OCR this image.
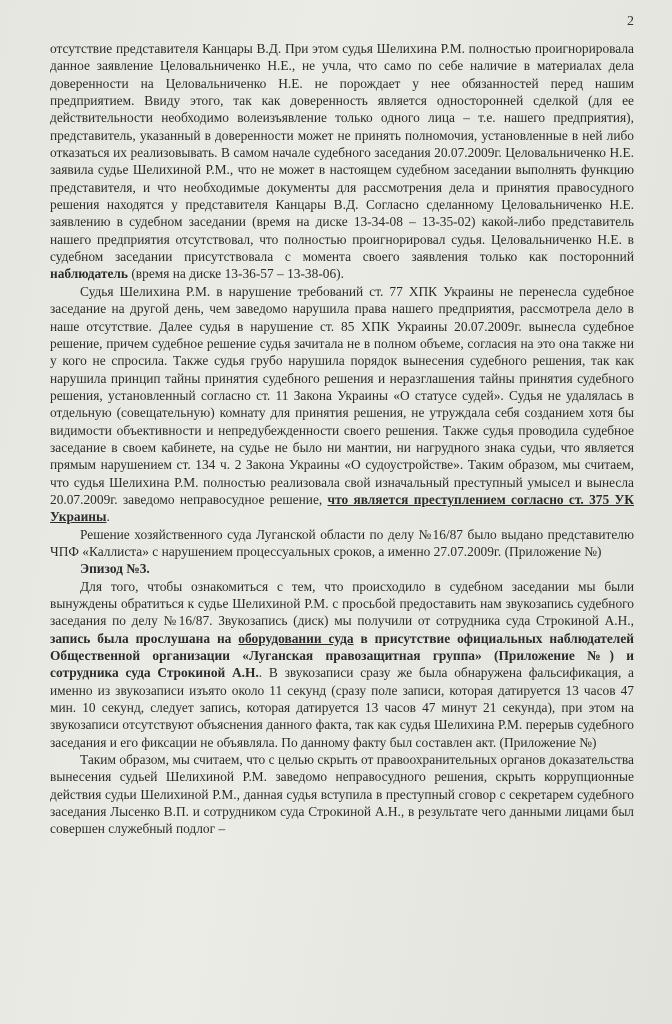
2

отсутствие представителя Канцары В.Д. При этом судья Шелихина Р.М. полностью проигнорировала данное заявление Целовальниченко Н.Е., не учла, что само по себе наличие в материалах дела доверенности на Целовальниченко Н.Е. не порождает у нее обязанностей перед нашим предприятием. Ввиду этого, так как доверенность является односторонней сделкой (для ее действительности необходимо волеизъявление только одного лица – т.е. нашего предприятия), представитель, указанный в доверенности может не принять полномочия, установленные в ней либо отказаться их реализовывать. В самом начале судебного заседания 20.07.2009г. Целовальниченко Н.Е. заявила судье Шелихиной Р.М., что не может в настоящем судебном заседании выполнять функцию представителя, и что необходимые документы для рассмотрения дела и принятия правосудного решения находятся у представителя Канцары В.Д. Согласно сделанному Целовальниченко Н.Е. заявлению в судебном заседании (время на диске 13-34-08 – 13-35-02) какой-либо представитель нашего предприятия отсутствовал, что полностью проигнорировал судья. Целовальниченко Н.Е. в судебном заседании присутствовала с момента своего заявления только как посторонний наблюдатель (время на диске 13-36-57 – 13-38-06).

Судья Шелихина Р.М. в нарушение требований ст. 77 ХПК Украины не перенесла судебное заседание на другой день, чем заведомо нарушила права нашего предприятия, рассмотрела дело в наше отсутствие. Далее судья в нарушение ст. 85 ХПК Украины 20.07.2009г. вынесла судебное решение, причем судебное решение судья зачитала не в полном объеме, согласия на это она также ни у кого не спросила. Также судья грубо нарушила порядок вынесения судебного решения, так как нарушила принцип тайны принятия судебного решения и неразглашения тайны принятия судебного решения, установленный согласно ст. 11 Закона Украины «О статусе судей». Судья не удалялась в отдельную (совещательную) комнату для принятия решения, не утруждала себя созданием хотя бы видимости объективности и непредубежденности своего решения. Также судья проводила судебное заседание в своем кабинете, на судье не было ни мантии, ни нагрудного знака судьи, что является прямым нарушением ст. 134 ч. 2 Закона Украины «О судоустройстве». Таким образом, мы считаем, что судья Шелихина Р.М. полностью реализовала свой изначальный преступный умысел и вынесла 20.07.2009г. заведомо неправосудное решение, что является преступлением согласно ст. 375 УК Украины.

Решение хозяйственного суда Луганской области по делу №16/87 было выдано представителю ЧПФ «Каллиста» с нарушением процессуальных сроков, а именно 27.07.2009г. (Приложение №)

Эпизод №3.

Для того, чтобы ознакомиться с тем, что происходило в судебном заседании мы были вынуждены обратиться к судье Шелихиной Р.М. с просьбой предоставить нам звукозапись судебного заседания по делу №16/87. Звукозапись (диск) мы получили от сотрудника суда Строкиной А.Н., запись была прослушана на оборудовании суда в присутствие официальных наблюдателей Общественной организации «Луганская правозащитная группа» (Приложение №) и сотрудника суда Строкиной А.Н.. В звукозаписи сразу же была обнаружена фальсификация, а именно из звукозаписи изъято около 11 секунд (сразу поле записи, которая датируется 13 часов 47 мин. 10 секунд, следует запись, которая датируется 13 часов 47 минут 21 секунда), при этом на звукозаписи отсутствуют объяснения данного факта, так как судья Шелихина Р.М. перерыв судебного заседания и его фиксации не объявляла. По данному факту был составлен акт. (Приложение №)

Таким образом, мы считаем, что с целью скрыть от правоохранительных органов доказательства вынесения судьей Шелихиной Р.М. заведомо неправосудного решения, скрыть коррупционные действия судьи Шелихиной Р.М., данная судья вступила в преступный сговор с секретарем судебного заседания Лысенко В.П. и сотрудником суда Строкиной А.Н., в результате чего данными лицами был совершен служебный подлог –
